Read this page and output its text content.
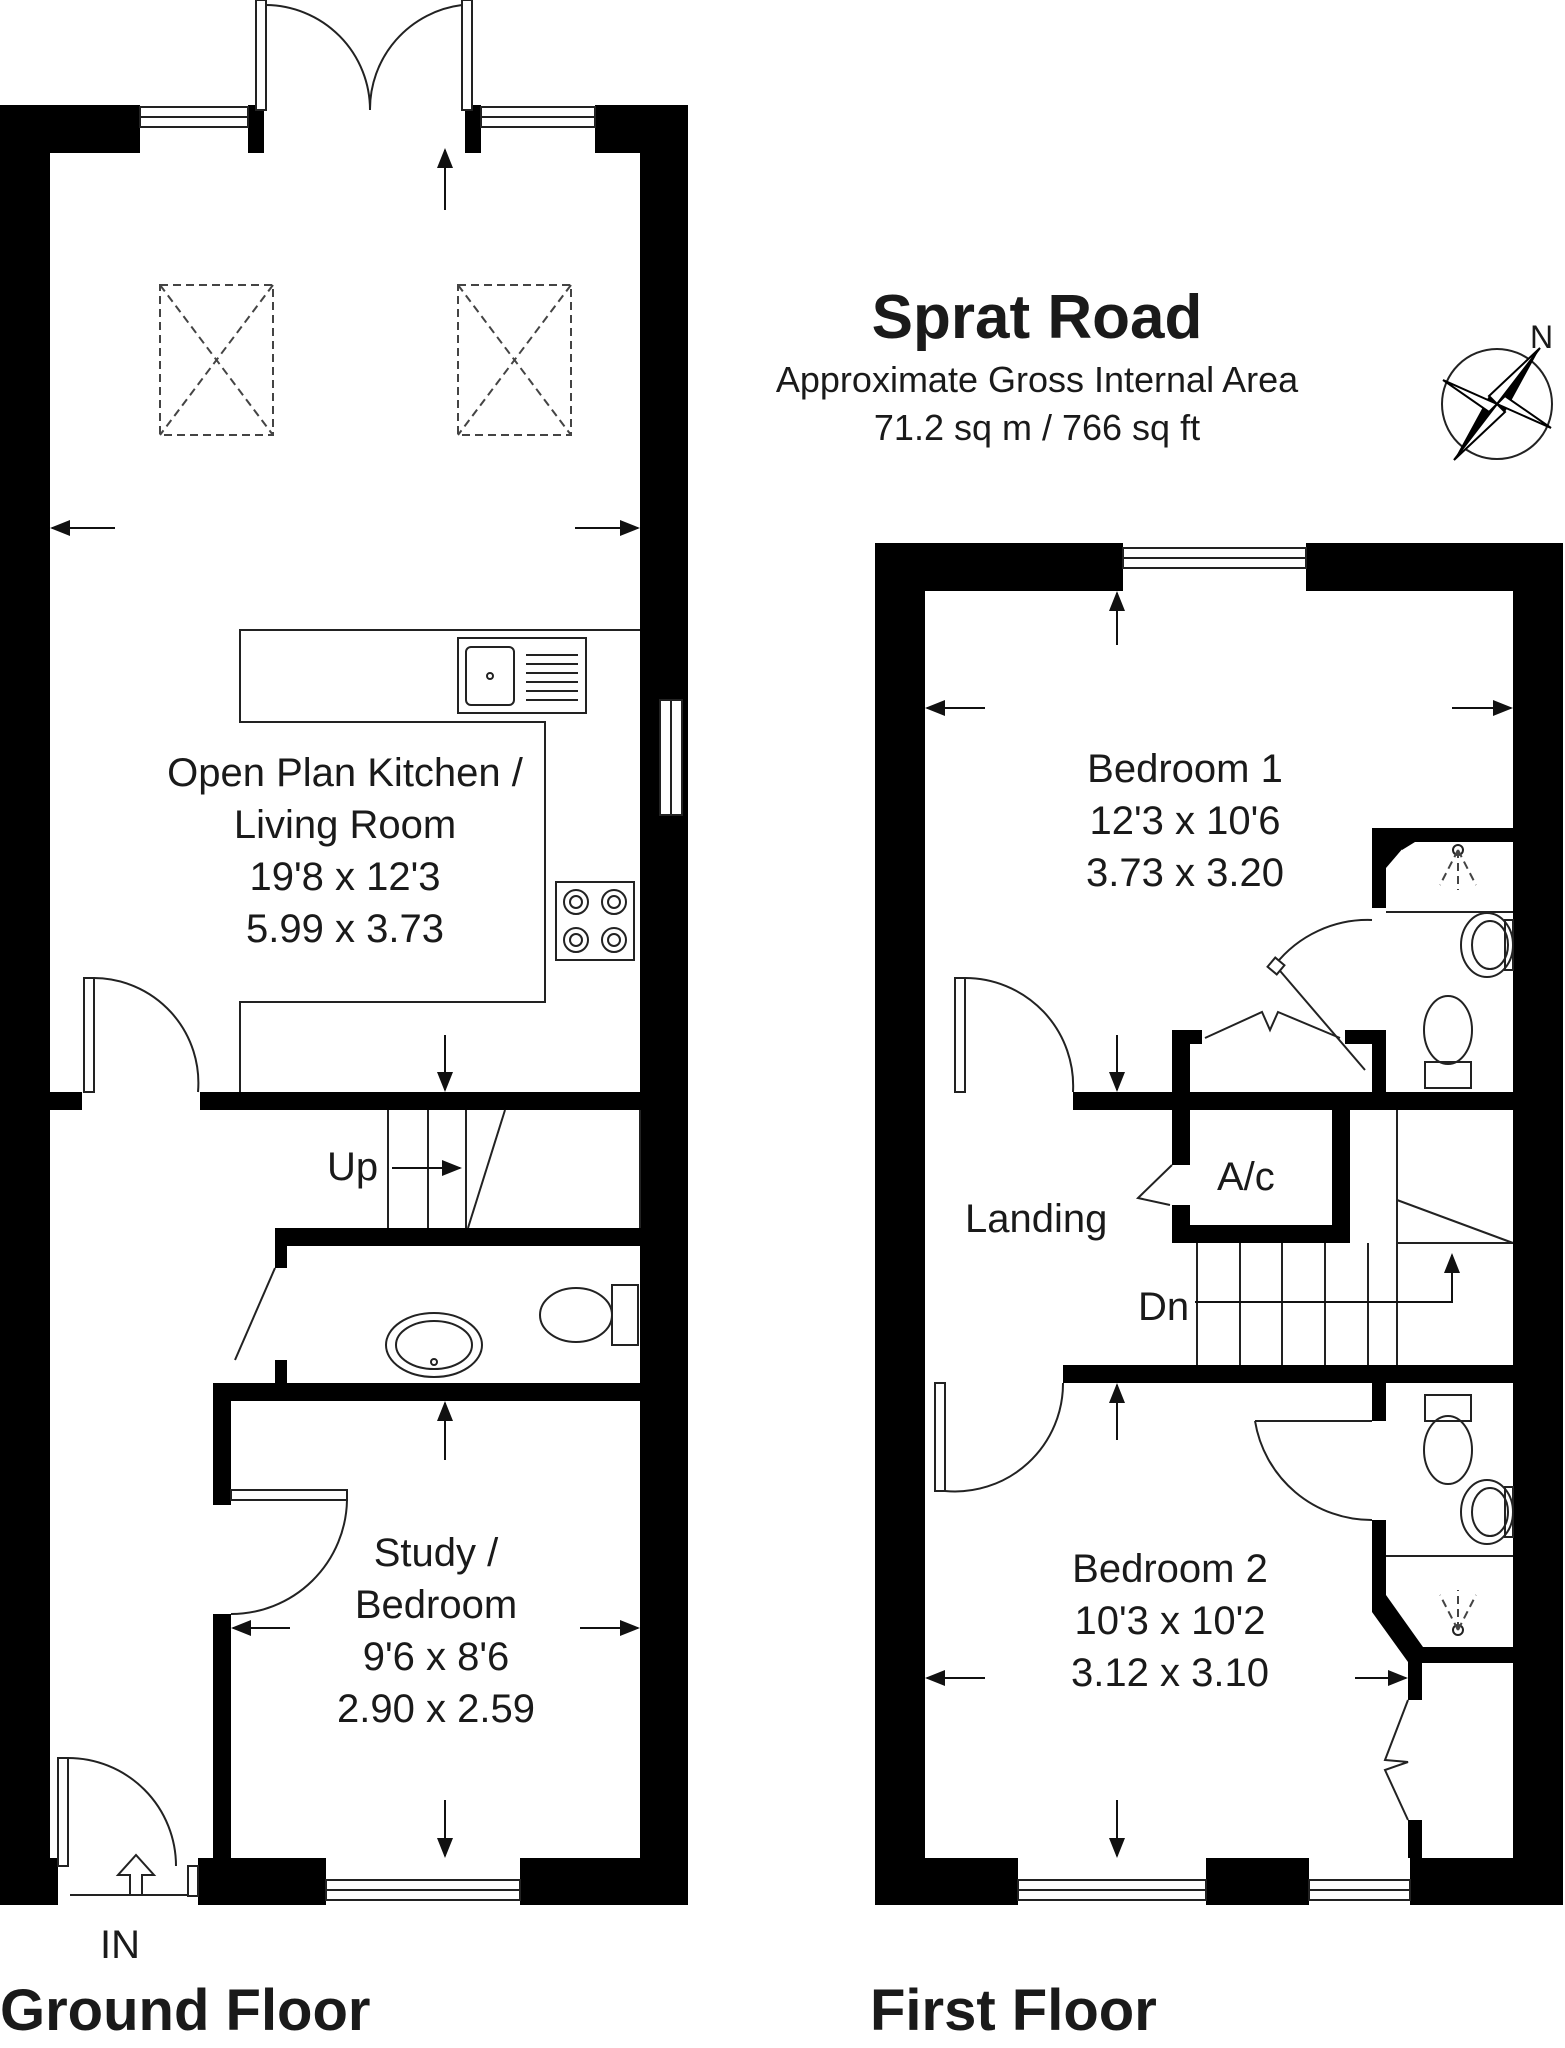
Open Plan Kitchen /
Living Room
19'8 x 12'3
5.99 x 3.73
Up
Study /
Bedroom
9'6 x 8'6
2.90 x 2.59
IN
Ground Floor
Sprat Road
Approximate Gross Internal Area
71.2 sq m / 766 sq ft
N
Bedroom 1
12'3 x 10'6
3.73 x 3.20
A/c
Landing
Dn
Bedroom 2
10'3 x 10'2
3.12 x 3.10
First Floor
